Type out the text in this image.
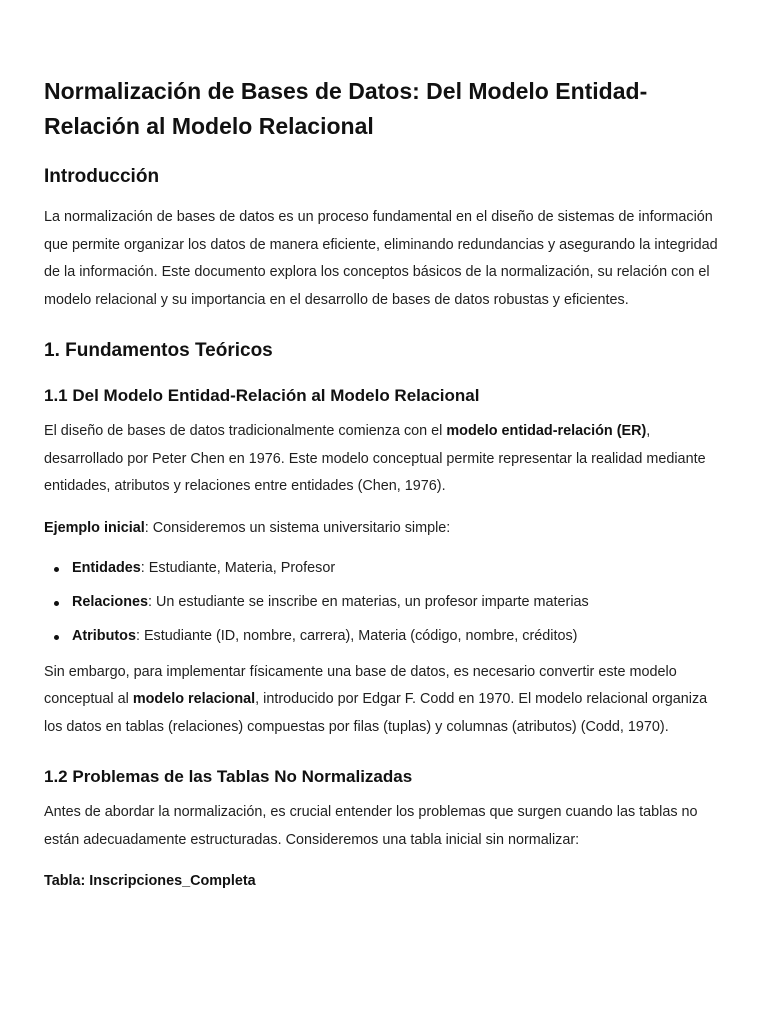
Normalización de Bases de Datos: Del Modelo Entidad-Relación al Modelo Relacional
Introducción

La normalización de bases de datos es un proceso fundamental en el diseño de sistemas de información que permite organizar los datos de manera eficiente, eliminando redundancias y asegurando la integridad de la información. Este documento explora los conceptos básicos de la normalización, su relación con el modelo relacional y su importancia en el desarrollo de bases de datos robustas y eficientes.

1. Fundamentos Teóricos
1.1 Del Modelo Entidad-Relación al Modelo Relacional

El diseño de bases de datos tradicionalmente comienza con el modelo entidad-relación (ER), desarrollado por Peter Chen en 1976. Este modelo conceptual permite representar la realidad mediante entidades, atributos y relaciones entre entidades (Chen, 1976).

Ejemplo inicial: Consideremos un sistema universitario simple:

Entidades: Estudiante, Materia, Profesor
Relaciones: Un estudiante se inscribe en materias, un profesor imparte materias
Atributos: Estudiante (ID, nombre, carrera), Materia (código, nombre, créditos)

Sin embargo, para implementar físicamente una base de datos, es necesario convertir este modelo conceptual al modelo relacional, introducido por Edgar F. Codd en 1970. El modelo relacional organiza los datos en tablas (relaciones) compuestas por filas (tuplas) y columnas (atributos) (Codd, 1970).

1.2 Problemas de las Tablas No Normalizadas

Antes de abordar la normalización, es crucial entender los problemas que surgen cuando las tablas no están adecuadamente estructuradas. Consideremos una tabla inicial sin normalizar:

Tabla: Inscripciones_Completa
